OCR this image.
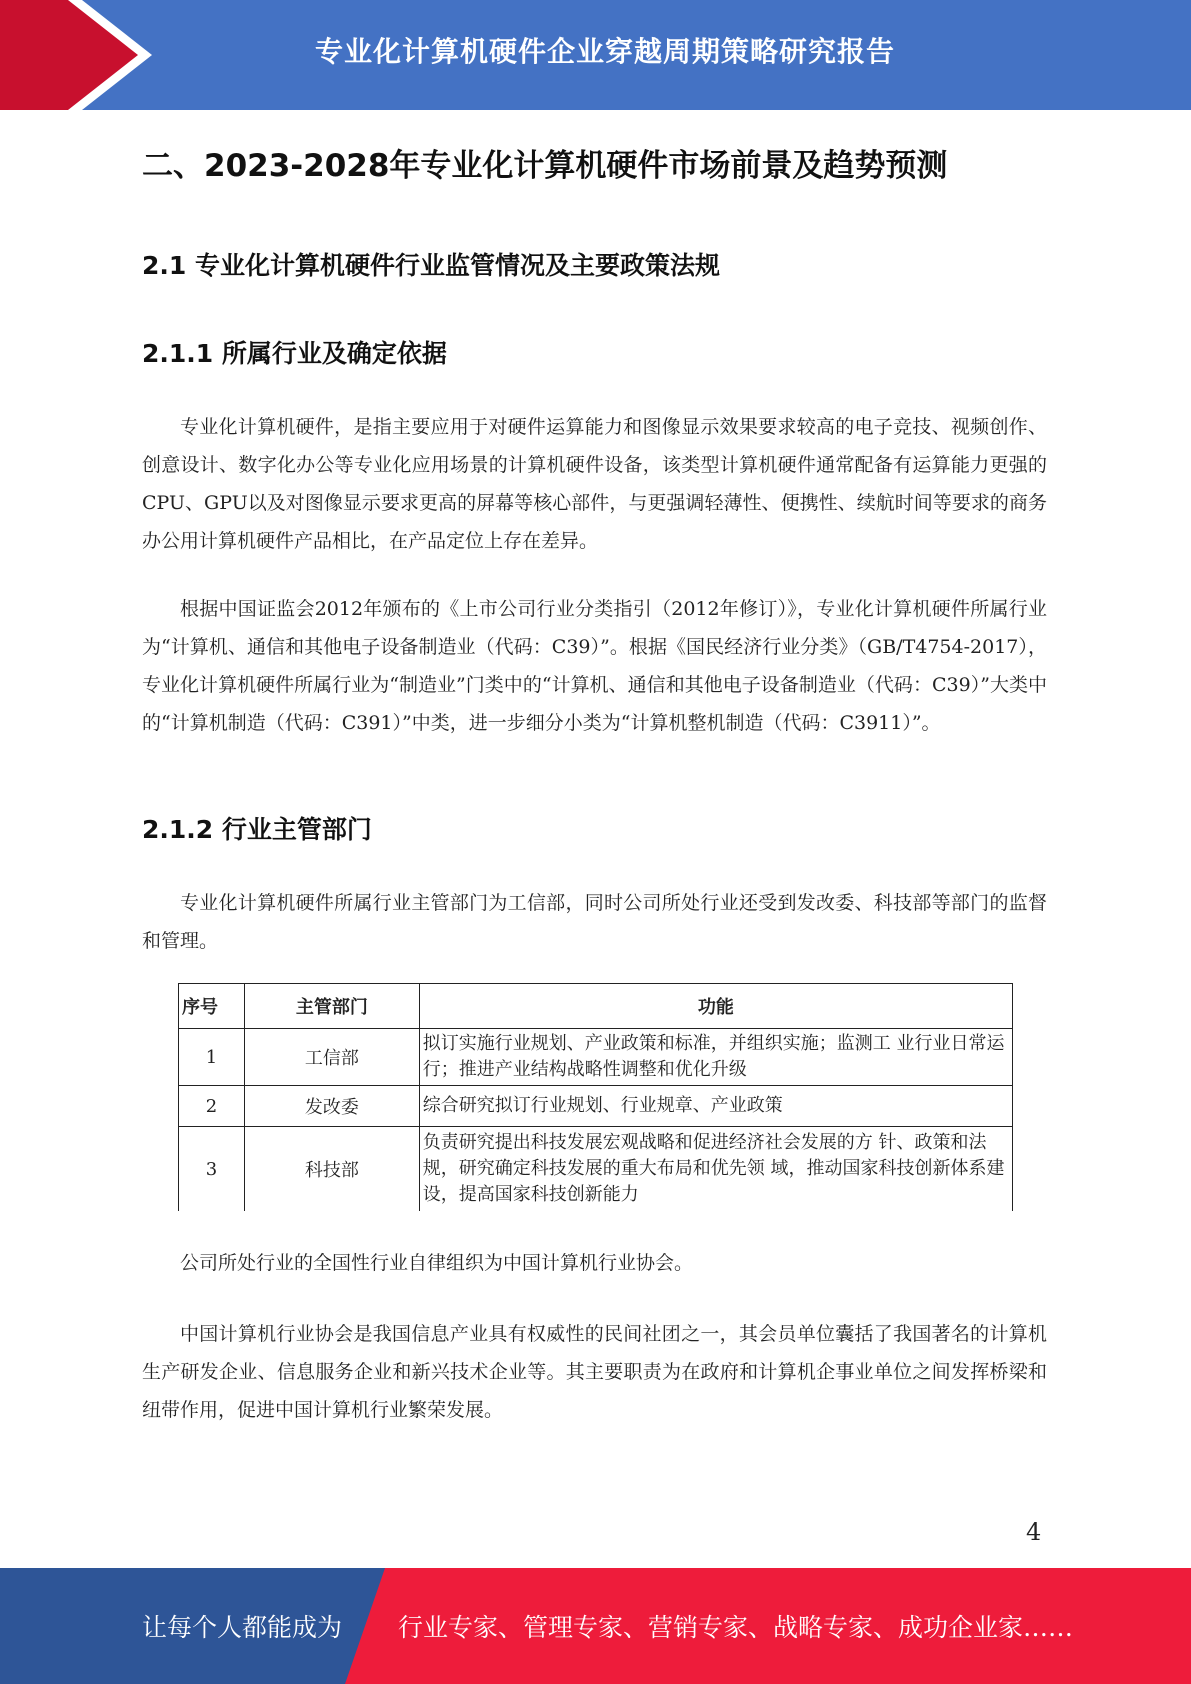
专业化计算机硬件企业穿越周期策略研究报告
二、2023-2028年专业化计算机硬件市场前景及趋势预测
2.1 专业化计算机硬件行业监管情况及主要政策法规
2.1.1 所属行业及确定依据

专业化计算机硬件，是指主要应用于对硬件运算能力和图像显示效果要求较高的电子竞技、视频创作、创意设计、数字化办公等专业化应用场景的计算机硬件设备，该类型计算机硬件通常配备有运算能力更强的CPU、GPU以及对图像显示要求更高的屏幕等核心部件，与更强调轻薄性、便携性、续航时间等要求的商务办公用计算机硬件产品相比，在产品定位上存在差异。

根据中国证监会2012年颁布的《上市公司行业分类指引（2012年修订）》，专业化计算机硬件所属行业为“计算机、通信和其他电子设备制造业（代码：C39）”。根据《国民经济行业分类》（GB/T4754-2017），专业化计算机硬件所属行业为“制造业”门类中的“计算机、通信和其他电子设备制造业（代码：C39）”大类中的“计算机制造（代码：C391）”中类，进一步细分小类为“计算机整机制造（代码：C3911）”。

2.1.2 行业主管部门

专业化计算机硬件所属行业主管部门为工信部，同时公司所处行业还受到发改委、科技部等部门的监督和管理。

序号	主管部门	功能
1	工信部	拟订实施行业规划、产业政策和标准，并组织实施；监测工 业行业日常运行；推进产业结构战略性调整和优化升级
2	发改委	综合研究拟订行业规划、行业规章、产业政策
3	科技部	负责研究提出科技发展宏观战略和促进经济社会发展的方 针、政策和法规，研究确定科技发展的重大布局和优先领 域，推动国家科技创新体系建设，提高国家科技创新能力

公司所处行业的全国性行业自律组织为中国计算机行业协会。

中国计算机行业协会是我国信息产业具有权威性的民间社团之一，其会员单位囊括了我国著名的计算机生产研发企业、信息服务企业和新兴技术企业等。其主要职责为在政府和计算机企事业单位之间发挥桥梁和纽带作用，促进中国计算机行业繁荣发展。

4
让每个人都能成为 行业专家、管理专家、营销专家、战略专家、成功企业家……
